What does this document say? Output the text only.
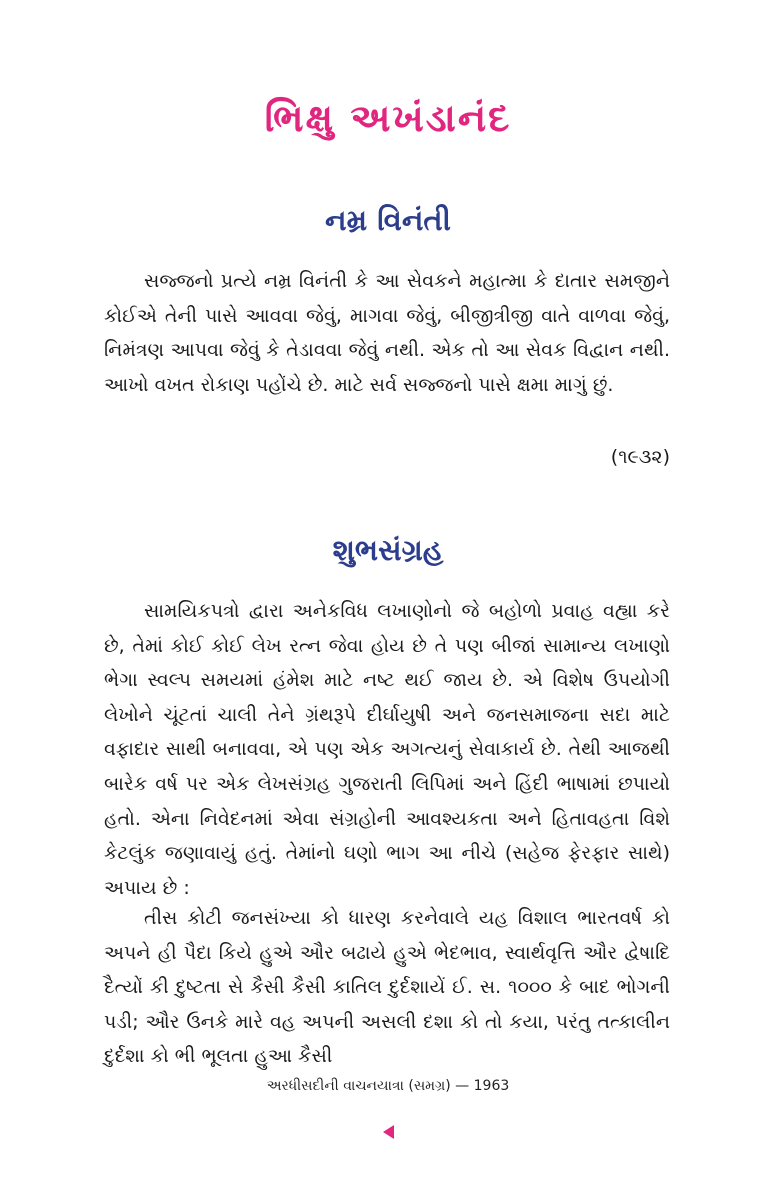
ભિક્ષુ અખંડાનંદ
નમ્ર વિનંતી

સજ્જનો પ્રત્યે નમ્ર વિનંતી કે આ સેવકને મહાત્મા કે દાતાર સમજીને કોઈએ તેની પાસે આવવા જેવું, માગવા જેવું, બીજીત્રીજી વાતે વાળવા જેવું, નિમંત્રણ આપવા જેવું કે તેડાવવા જેવું નથી. એક તો આ સેવક વિદ્વાન નથી. આખો વખત રોકાણ પહોંચે છે. માટે સર્વ સજ્જનો પાસે ક્ષમા માગું છું.

(૧૯૩૨)
શુભસંગ્રહ

સામયિકપત્રો દ્વારા અનેકવિધ લખાણોનો જે બહોળો પ્રવાહ વહ્યા કરે છે, તેમાં કોઈ કોઈ લેખ રત્ન જેવા હોય છે તે પણ બીજાં સામાન્ય લખાણો ભેગા સ્વલ્પ સમયમાં હંમેશ માટે નષ્ટ થઈ જાય છે. એ વિશેષ ઉપયોગી લેખોને ચૂંટતાં ચાલી તેને ગ્રંથરૂપે દીર્ઘાયુષી અને જનસમાજના સદા માટે વફાદાર સાથી બનાવવા, એ પણ એક અગત્યનું સેવાકાર્ય છે. તેથી આજથી બારેક વર્ષ પર એક લેખસંગ્રહ ગુજરાતી લિપિમાં અને હિંદી ભાષામાં છપાયો હતો. એના નિવેદનમાં એવા સંગ્રહોની આવશ્યકતા અને હિતાવહતા વિશે કેટલુંક જણાવાયું હતું. તેમાંનો ઘણો ભાગ આ નીચે (સહેજ ફેરફાર સાથે) અપાય છે :

તીસ કોટી જનસંખ્યા કો ધારણ કરનેવાલે યહ વિશાલ ભારતવર્ષ કો અપને હી પૈદા કિયે હુએ ઔર બઢાયે હુએ ભેદભાવ, સ્વાર્થવૃત્તિ ઔર દ્વેષાદિ દૈત્યોં કી દુષ્ટતા સે કૈસી કૈસી કાતિલ દુર્દશાયેં ઈ. સ. ૧૦૦૦ કે બાદ ભોગની પડી; ઔર ઉનકે મારે વહ અપની અસલી દશા કો તો કયા, પરંતુ તત્કાલીન દુર્દશા કો ભી ભૂલતા હુઆ કૈસી

અરધીસદીની વાચનયાત્રા (સમગ્ર) — 1963
